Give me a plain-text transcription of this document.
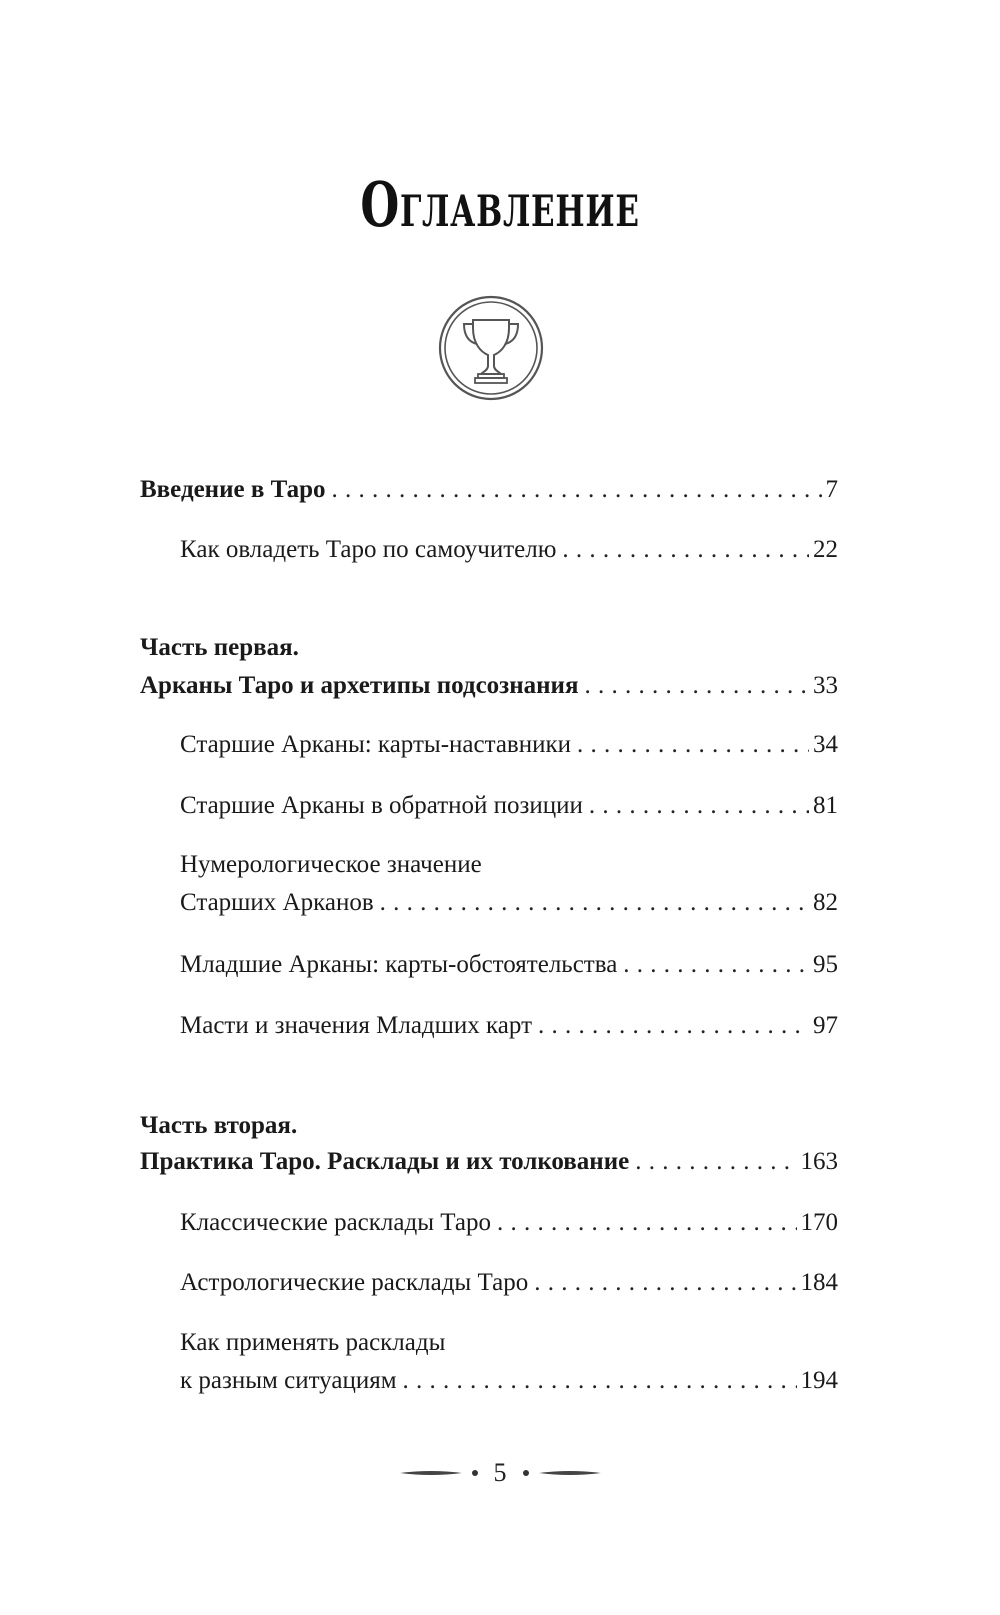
Оглавление
Введение в Таро . . .	7
Как овладеть Таро по самоучителю . . .	22
Часть первая.
Арканы Таро и архетипы подсознания . . .	33
Старшие Арканы: карты-наставники . . .	34
Старшие Арканы в обратной позиции . . .	81
Нумерологическое значение
Старших Арканов . . .	82
Младшие Арканы: карты-обстоятельства . . .	95
Масти и значения Младших карт . . .	97
Часть вторая.
Практика Таро. Расклады и их толкование . . .	163
Классические расклады Таро . . .	170
Астрологические расклады Таро . . .	184
Как применять расклады
к разным ситуациям . . .	194
5
